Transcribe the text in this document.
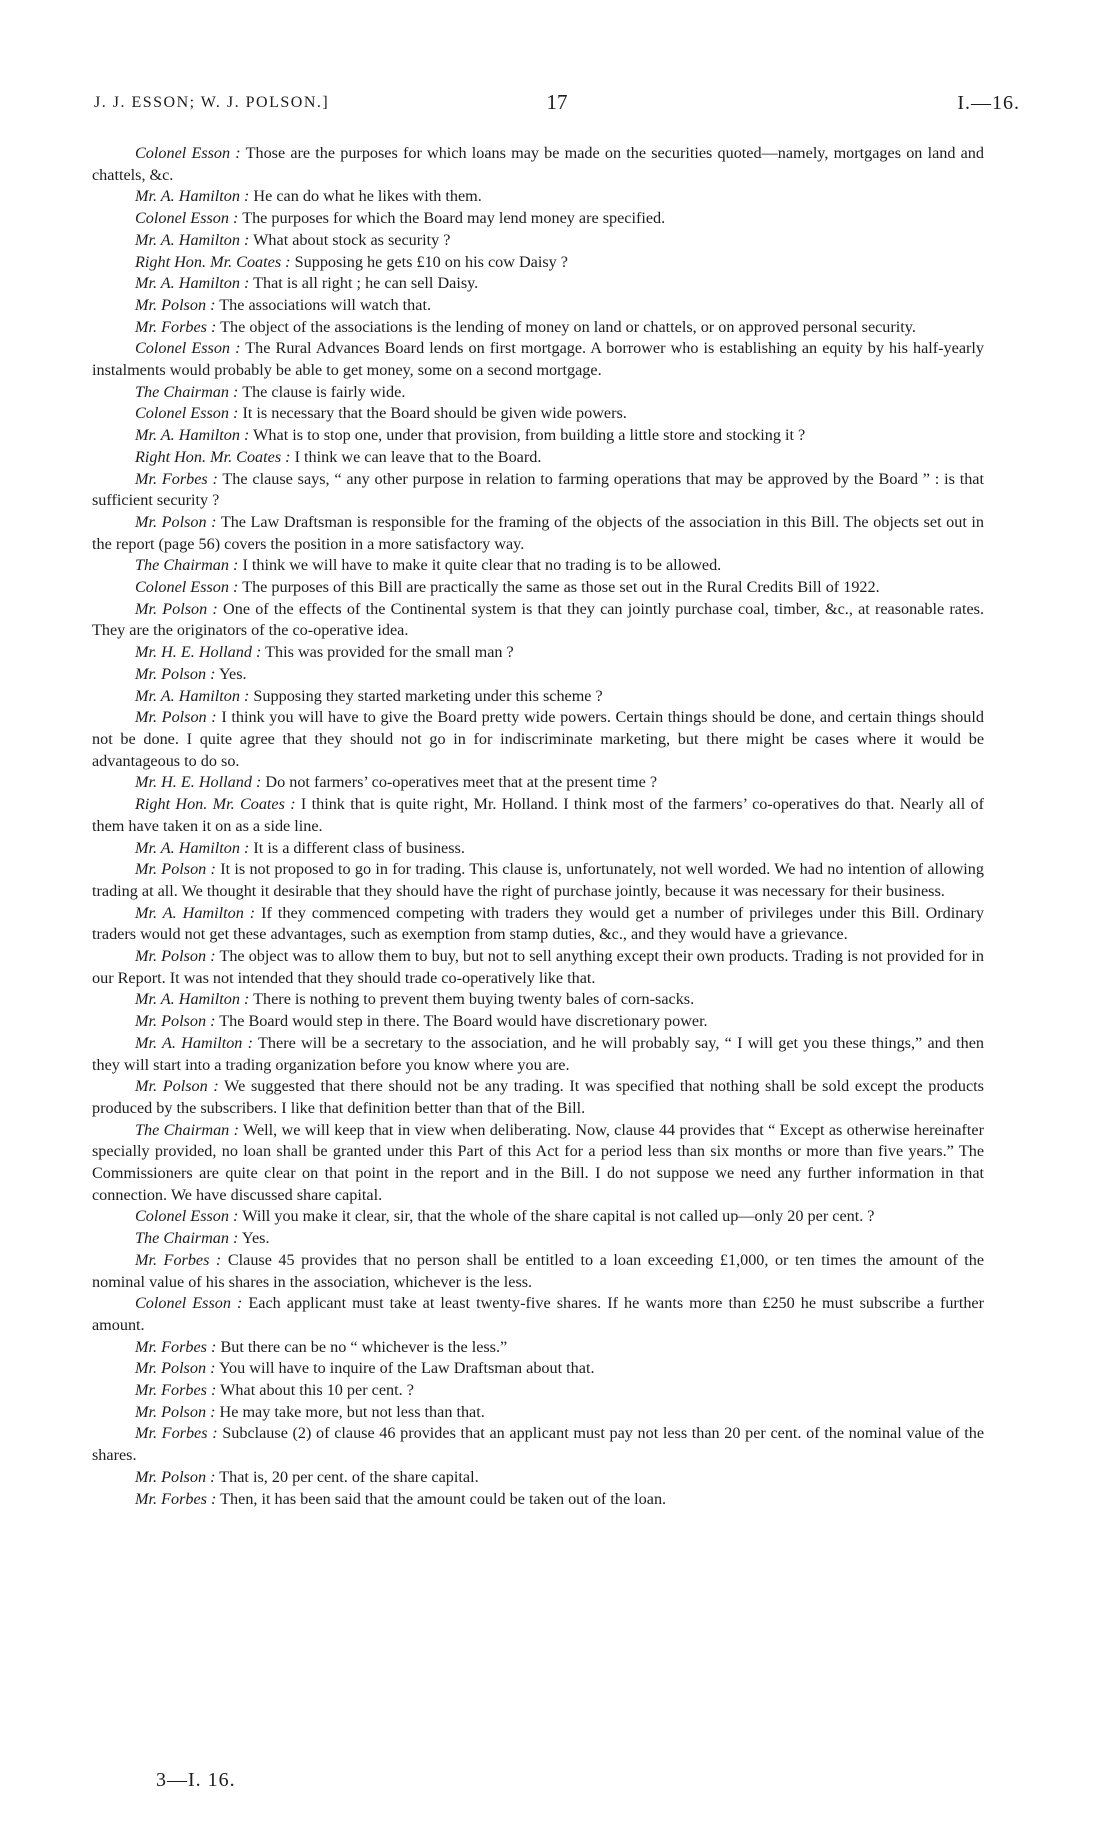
J. J. ESSON; W. J. POLSON.]	17	I.—16.

Colonel Esson : Those are the purposes for which loans may be made on the securities quoted—namely, mortgages on land and chattels, &c.

Mr. A. Hamilton : He can do what he likes with them.

Colonel Esson : The purposes for which the Board may lend money are specified.

Mr. A. Hamilton : What about stock as security ?

Right Hon. Mr. Coates : Supposing he gets £10 on his cow Daisy ?

Mr. A. Hamilton : That is all right ; he can sell Daisy.

Mr. Polson : The associations will watch that.

Mr. Forbes : The object of the associations is the lending of money on land or chattels, or on approved personal security.

Colonel Esson : The Rural Advances Board lends on first mortgage. A borrower who is establishing an equity by his half-yearly instalments would probably be able to get money, some on a second mortgage.

The Chairman : The clause is fairly wide.

Colonel Esson : It is necessary that the Board should be given wide powers.

Mr. A. Hamilton : What is to stop one, under that provision, from building a little store and stocking it ?

Right Hon. Mr. Coates : I think we can leave that to the Board.

Mr. Forbes : The clause says, “ any other purpose in relation to farming operations that may be approved by the Board ” : is that sufficient security ?

Mr. Polson : The Law Draftsman is responsible for the framing of the objects of the association in this Bill. The objects set out in the report (page 56) covers the position in a more satisfactory way.

The Chairman : I think we will have to make it quite clear that no trading is to be allowed.

Colonel Esson : The purposes of this Bill are practically the same as those set out in the Rural Credits Bill of 1922.

Mr. Polson : One of the effects of the Continental system is that they can jointly purchase coal, timber, &c., at reasonable rates. They are the originators of the co-operative idea.

Mr. H. E. Holland : This was provided for the small man ?

Mr. Polson : Yes.

Mr. A. Hamilton : Supposing they started marketing under this scheme ?

Mr. Polson : I think you will have to give the Board pretty wide powers. Certain things should be done, and certain things should not be done. I quite agree that they should not go in for indiscriminate marketing, but there might be cases where it would be advantageous to do so.

Mr. H. E. Holland : Do not farmers’ co-operatives meet that at the present time ?

Right Hon. Mr. Coates : I think that is quite right, Mr. Holland. I think most of the farmers’ co-operatives do that. Nearly all of them have taken it on as a side line.

Mr. A. Hamilton : It is a different class of business.

Mr. Polson : It is not proposed to go in for trading. This clause is, unfortunately, not well worded. We had no intention of allowing trading at all. We thought it desirable that they should have the right of purchase jointly, because it was necessary for their business.

Mr. A. Hamilton : If they commenced competing with traders they would get a number of privileges under this Bill. Ordinary traders would not get these advantages, such as exemption from stamp duties, &c., and they would have a grievance.

Mr. Polson : The object was to allow them to buy, but not to sell anything except their own products. Trading is not provided for in our Report. It was not intended that they should trade co-operatively like that.

Mr. A. Hamilton : There is nothing to prevent them buying twenty bales of corn-sacks.

Mr. Polson : The Board would step in there. The Board would have discretionary power.

Mr. A. Hamilton : There will be a secretary to the association, and he will probably say, “ I will get you these things,” and then they will start into a trading organization before you know where you are.

Mr. Polson : We suggested that there should not be any trading. It was specified that nothing shall be sold except the products produced by the subscribers. I like that definition better than that of the Bill.

The Chairman : Well, we will keep that in view when deliberating. Now, clause 44 provides that “ Except as otherwise hereinafter specially provided, no loan shall be granted under this Part of this Act for a period less than six months or more than five years.” The Commissioners are quite clear on that point in the report and in the Bill. I do not suppose we need any further information in that connection. We have discussed share capital.

Colonel Esson : Will you make it clear, sir, that the whole of the share capital is not called up—only 20 per cent. ?

The Chairman : Yes.

Mr. Forbes : Clause 45 provides that no person shall be entitled to a loan exceeding £1,000, or ten times the amount of the nominal value of his shares in the association, whichever is the less.

Colonel Esson : Each applicant must take at least twenty-five shares. If he wants more than £250 he must subscribe a further amount.

Mr. Forbes : But there can be no “ whichever is the less.”

Mr. Polson : You will have to inquire of the Law Draftsman about that.

Mr. Forbes : What about this 10 per cent. ?

Mr. Polson : He may take more, but not less than that.

Mr. Forbes : Subclause (2) of clause 46 provides that an applicant must pay not less than 20 per cent. of the nominal value of the shares.

Mr. Polson : That is, 20 per cent. of the share capital.

Mr. Forbes : Then, it has been said that the amount could be taken out of the loan.

3—I. 16.
